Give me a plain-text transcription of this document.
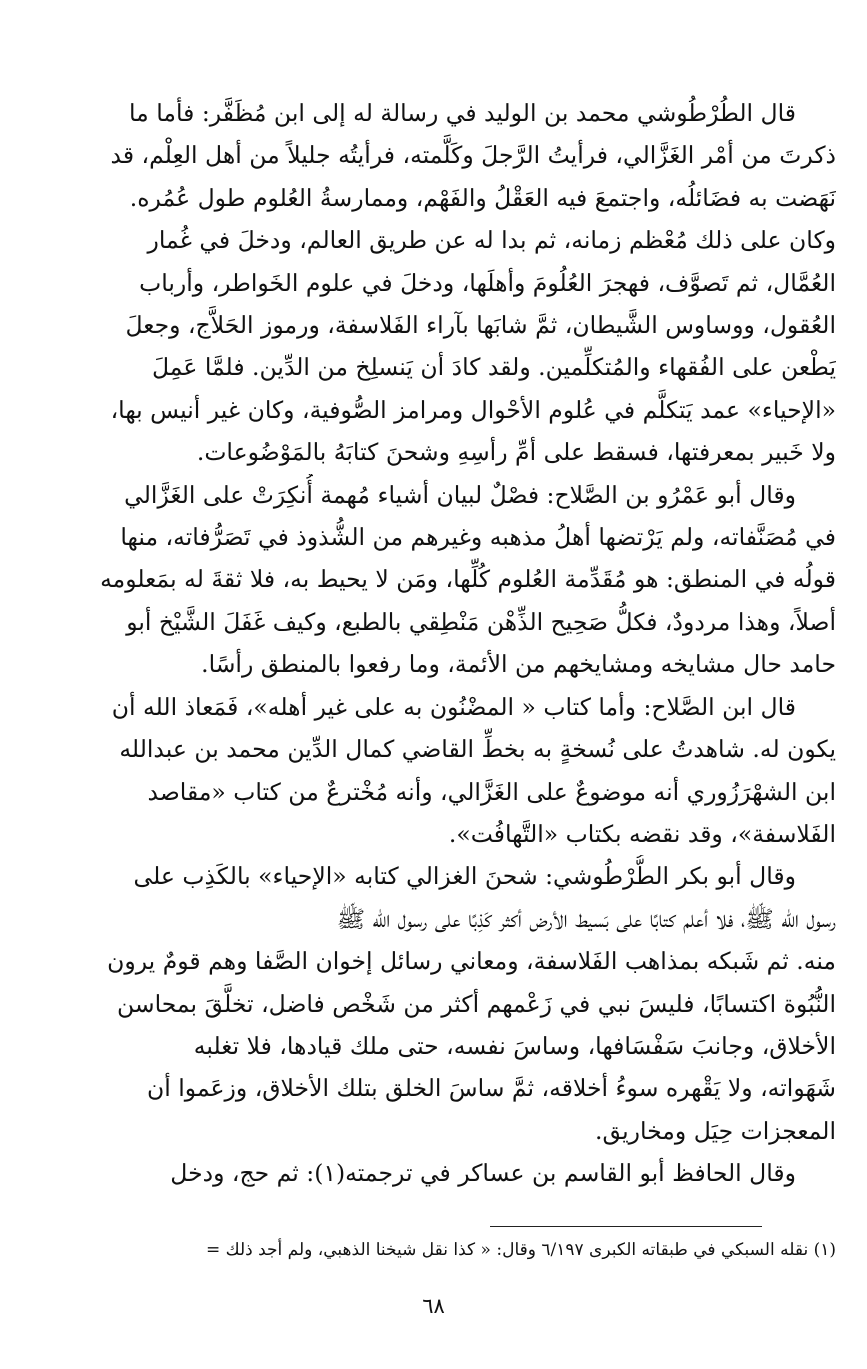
قال الطُرْطُوشي محمد بن الوليد في رسالة له إلى ابن مُظَفَّر: فأما ما
ذكرتَ من أمْر الغَزَّالي، فرأيتُ الرَّجلَ وكَلَّمته، فرأيتُه جليلاً من أهل العِلْم، قد
نَهَضت به فضَائلُه، واجتمعَ فيه العَقْلُ والفَهْم، وممارسةُ العُلوم طول عُمُره.
وكان على ذلك مُعْظم زمانه، ثم بدا له عن طريق العالم، ودخلَ في غُمار
العُمَّال، ثم تَصوَّف، فهجرَ العُلُومَ وأهلَها، ودخلَ في علوم الخَواطر، وأرباب
العُقول، ووساوس الشَّيطان، ثمَّ شابَها بآراء الفَلاسفة، ورموز الحَلاَّج، وجعلَ
يَطْعن على الفُقهاء والمُتكلِّمين. ولقد كادَ أن يَنسلِخ من الدِّين. فلمَّا عَمِلَ
«الإحياء» عمد يَتكلَّم في عُلوم الأحْوال ومرامز الصُّوفية، وكان غير أنيس بها،
ولا خَبير بمعرفتها، فسقط على أمِّ رأسِهِ وشحنَ كتابَهُ بالمَوْضُوعات.

وقال أبو عَمْرُو بن الصَّلاح: فصْلٌ لبيان أشياء مُهمة أُنكِرَتْ على الغَزَّالي
في مُصَنَّفاته، ولم يَرْتضها أهلُ مذهبه وغيرهم من الشُّذوذ في تَصَرُّفاته، منها
قولُه في المنطق: هو مُقَدِّمة العُلوم كُلِّها، ومَن لا يحيط به، فلا ثقةَ له بمَعلومه
أصلاً، وهذا مردودٌ، فكلُّ صَحِيح الذِّهْن مَنْطِقي بالطبع، وكيف غَفَلَ الشَّيْخ أبو
حامد حال مشايخه ومشايخهم من الأئمة، وما رفعوا بالمنطق رأسًا.

قال ابن الصَّلاح: وأما كتاب « المضْنُون به على غير أهله»، فَمَعاذ الله أن
يكون له. شاهدتُ على نُسخةٍ به بخطِّ القاضي كمال الدِّين محمد بن عبدالله
ابن الشهْرَزُوري أنه موضوعٌ على الغَزَّالي، وأنه مُخْترعٌ من كتاب «مقاصد
الفَلاسفة»، وقد نقضه بكتاب «التَّهافُت».

وقال أبو بكر الطُّرْطُوشي: شحنَ الغزالي كتابه «الإحياء» بالكَذِب على
رسول الله ﷺ، فلا أعلم كتابًا على بَسيط الأرض أكثر كَذِبًا على رسول الله ﷺ
منه. ثم شَبكه بمذاهب الفَلاسفة، ومعاني رسائل إخوان الصَّفا وهم قومٌ يرون
النُّبُوة اكتسابًا، فليسَ نبي في زَعْمهم أكثر من شَخْص فاضل، تخلَّقَ بمحاسن
الأخلاق، وجانبَ سَفْسَافها، وساسَ نفسه، حتى ملك قيادها، فلا تغلبه
شَهَواته، ولا يَقْهره سوءُ أخلاقه، ثمَّ ساسَ الخلق بتلك الأخلاق، وزعَموا أن
المعجزات حِيَل ومخاريق.

وقال الحافظ أبو القاسم بن عساكر في ترجمته(١): ثم حج، ودخل

(١) نقله السبكي في طبقاته الكبرى ٦/١٩٧ وقال: « كذا نقل شيخنا الذهبي، ولم أجد ذلك =
٦٨
